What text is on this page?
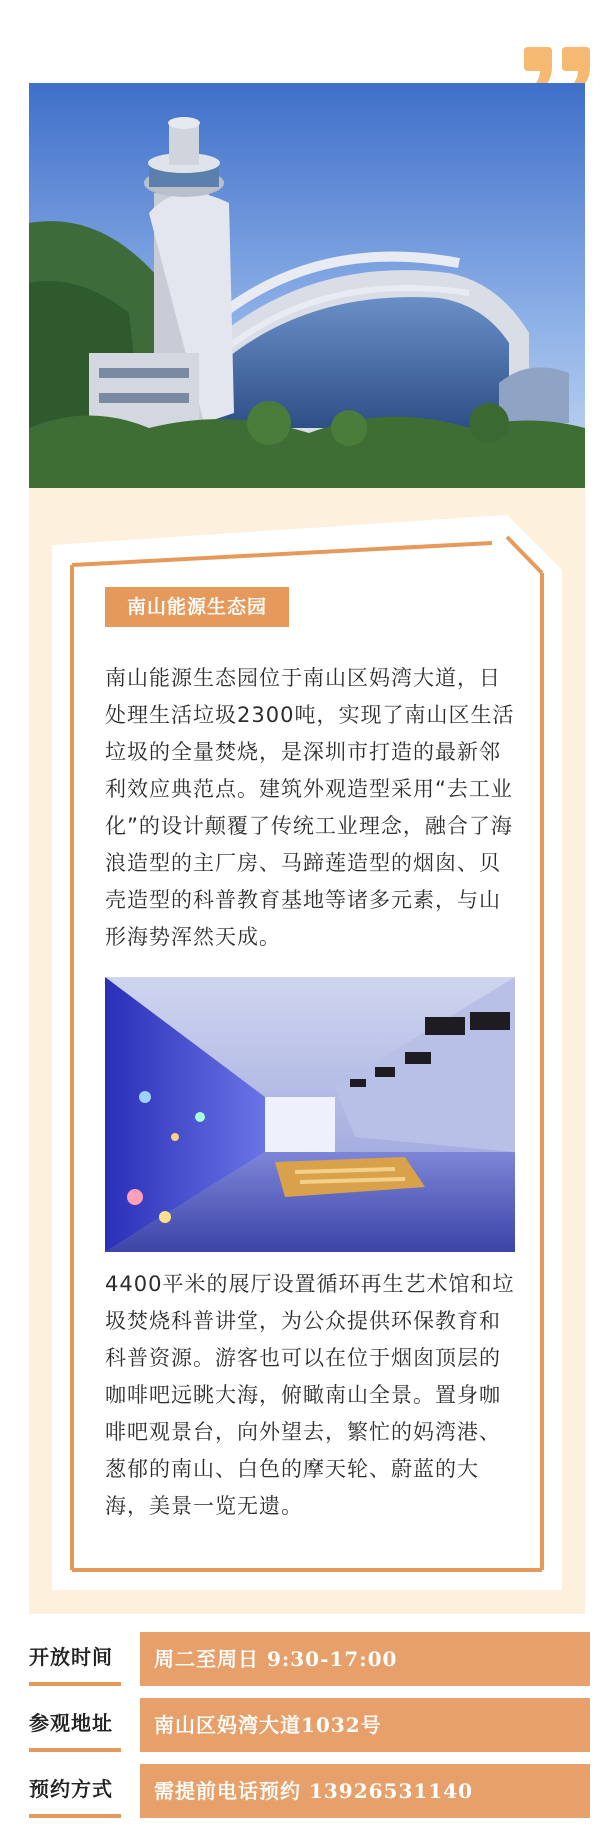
南山能源生态园

南山能源生态园位于南山区妈湾大道，日处理生活垃圾2300吨，实现了南山区生活垃圾的全量焚烧，是深圳市打造的最新邻利效应典范点。建筑外观造型采用“去工业化”的设计颠覆了传统工业理念，融合了海浪造型的主厂房、马蹄莲造型的烟囱、贝壳造型的科普教育基地等诸多元素，与山形海势浑然天成。

4400平米的展厅设置循环再生艺术馆和垃圾焚烧科普讲堂，为公众提供环保教育和科普资源。游客也可以在位于烟囱顶层的咖啡吧远眺大海，俯瞰南山全景。置身咖啡吧观景台，向外望去，繁忙的妈湾港、葱郁的南山、白色的摩天轮、蔚蓝的大海，美景一览无遗。

开放时间	周二至周日 9:30-17:00
参观地址	南山区妈湾大道1032号
预约方式	需提前电话预约 13926531140
